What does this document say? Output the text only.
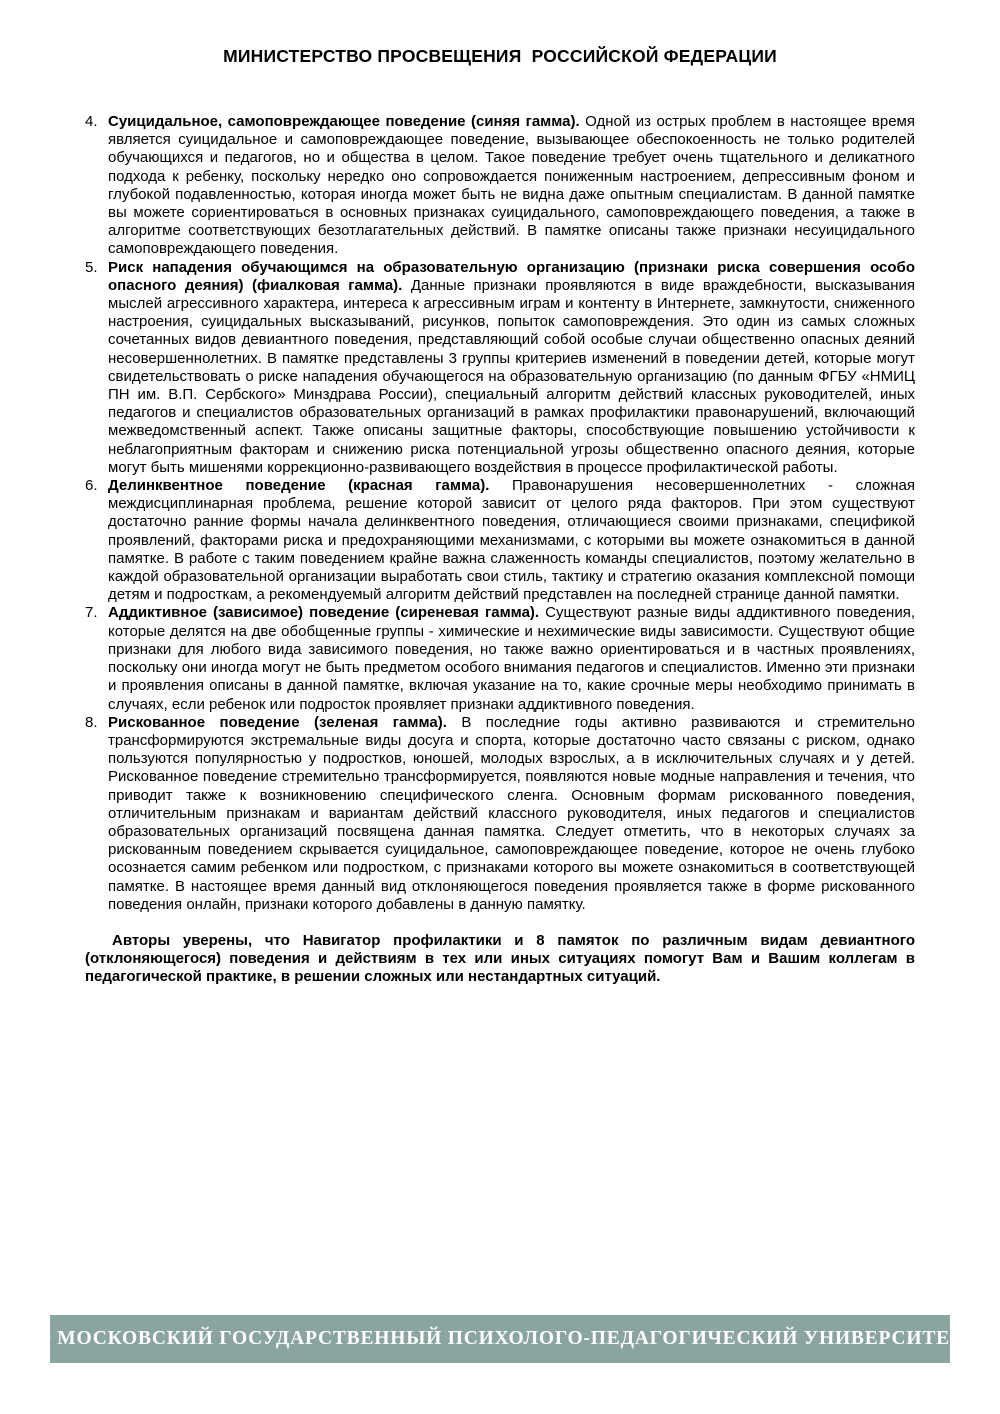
МИНИСТЕРСТВО ПРОСВЕЩЕНИЯ  РОССИЙСКОЙ ФЕДЕРАЦИИ
4. Суицидальное, самоповреждающее поведение (синяя гамма). Одной из острых проблем в настоящее время является суицидальное и самоповреждающее поведение, вызывающее обеспокоенность не только родителей обучающихся и педагогов, но и общества в целом. Такое поведение требует очень тщательного и деликатного подхода к ребенку, поскольку нередко оно сопровождается пониженным настроением, депрессивным фоном и глубокой подавленностью, которая иногда может быть не видна даже опытным специалистам. В данной памятке вы можете сориентироваться в основных признаках суицидального, самоповреждающего поведения, а также в алгоритме соответствующих безотлагательных действий. В памятке описаны также признаки несуицидального самоповреждающего поведения.

5. Риск нападения обучающимся на образовательную организацию (признаки риска совершения особо опасного деяния) (фиалковая гамма). Данные признаки проявляются в виде враждебности, высказывания мыслей агрессивного характера, интереса к агрессивным играм и контенту в Интернете, замкнутости, сниженного настроения, суицидальных высказываний, рисунков, попыток самоповреждения. Это один из самых сложных сочетанных видов девиантного поведения, представляющий собой особые случаи общественно опасных деяний несовершеннолетних. В памятке представлены 3 группы критериев изменений в поведении детей, которые могут свидетельствовать о риске нападения обучающегося на образовательную организацию (по данным ФГБУ «НМИЦ ПН им. В.П. Сербского» Минздрава России), специальный алгоритм действий классных руководителей, иных педагогов и специалистов образовательных организаций в рамках профилактики правонарушений, включающий межведомственный аспект. Также описаны защитные факторы, способствующие повышению устойчивости к неблагоприятным факторам и снижению риска потенциальной угрозы общественно опасного деяния, которые могут быть мишенями коррекционно-развивающего воздействия в процессе профилактической работы.

6. Делинквентное поведение (красная гамма). Правонарушения несовершеннолетних - сложная междисциплинарная проблема, решение которой зависит от целого ряда факторов. При этом существуют достаточно ранние формы начала делинквентного поведения, отличающиеся своими признаками, спецификой проявлений, факторами риска и предохраняющими механизмами, с которыми вы можете ознакомиться в данной памятке. В работе с таким поведением крайне важна слаженность команды специалистов, поэтому желательно в каждой образовательной организации выработать свои стиль, тактику и стратегию оказания комплексной помощи детям и подросткам, а рекомендуемый алгоритм действий представлен на последней странице данной памятки.

7. Аддиктивное (зависимое) поведение (сиреневая гамма). Существуют разные виды аддиктивного поведения, которые делятся на две обобщенные группы - химические и нехимические виды зависимости. Существуют общие признаки для любого вида зависимого поведения, но также важно ориентироваться и в частных проявлениях, поскольку они иногда могут не быть предметом особого внимания педагогов и специалистов. Именно эти признаки и проявления описаны в данной памятке, включая указание на то, какие срочные меры необходимо принимать в случаях, если ребенок или подросток проявляет признаки аддиктивного поведения.

8. Рискованное поведение (зеленая гамма). В последние годы активно развиваются и стремительно трансформируются экстремальные виды досуга и спорта, которые достаточно часто связаны с риском, однако пользуются популярностью у подростков, юношей, молодых взрослых, а в исключительных случаях и у детей. Рискованное поведение стремительно трансформируется, появляются новые модные направления и течения, что приводит также к возникновению специфического сленга. Основным формам рискованного поведения, отличительным признакам и вариантам действий классного руководителя, иных педагогов и специалистов образовательных организаций посвящена данная памятка. Следует отметить, что в некоторых случаях за рискованным поведением скрывается суицидальное, самоповреждающее поведение, которое не очень глубоко осознается самим ребенком или подростком, с признаками которого вы можете ознакомиться в соответствующей памятке. В настоящее время данный вид отклоняющегося поведения проявляется также в форме рискованного поведения онлайн, признаки которого добавлены в данную памятку.

Авторы уверены, что Навигатор профилактики и 8 памяток по различным видам девиантного (отклоняющегося) поведения и действиям в тех или иных ситуациях помогут Вам и Вашим коллегам в педагогической практике, в решении сложных или нестандартных ситуаций.

© МОСКОВСКИЙ ГОСУДАРСТВЕННЫЙ ПСИХОЛОГО-ПЕДАГОГИЧЕСКИЙ УНИВЕРСИТЕТ
